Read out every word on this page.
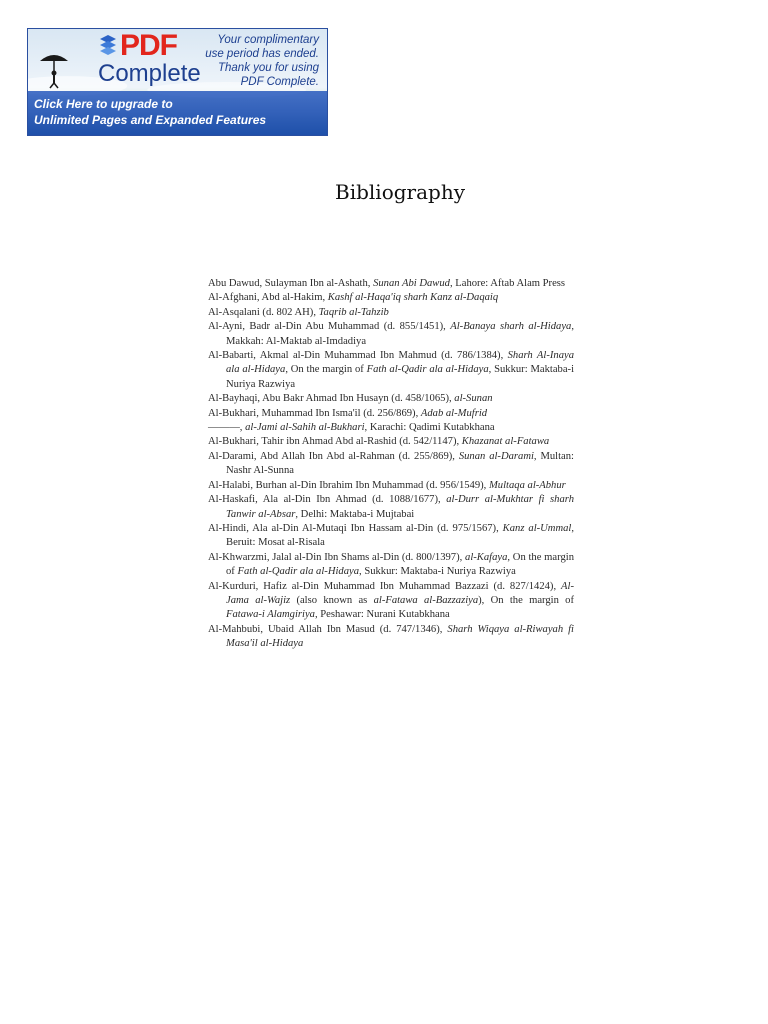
PDF
Complete
Your complimentary
use period has ended.
Thank you for using
PDF Complete.
Click Here to upgrade to
Unlimited Pages and Expanded Features
Bibliography
Abu Dawud, Sulayman Ibn al-Ashath, Sunan Abi Dawud, Lahore: Aftab Alam Press
Al-Afghani, Abd al-Hakim, Kashf al-Haqa'iq sharh Kanz al-Daqaiq
Al-Asqalani (d. 802 AH), Taqrib al-Tahzib
Al-Ayni, Badr al-Din Abu Muhammad (d. 855/1451), Al-Banaya sharh al-Hidaya, Makkah: Al-Maktab al-Imdadiya
Al-Babarti, Akmal al-Din Muhammad Ibn Mahmud (d. 786/1384), Sharh Al-Inaya ala al-Hidaya, On the margin of Fath al-Qadir ala al-Hidaya, Sukkur: Maktaba-i Nuriya Razwiya
Al-Bayhaqi, Abu Bakr Ahmad Ibn Husayn (d. 458/1065), al-Sunan
Al-Bukhari, Muhammad Ibn Isma'il (d. 256/869), Adab al-Mufrid
———, al-Jami al-Sahih al-Bukhari, Karachi: Qadimi Kutabkhana
Al-Bukhari, Tahir ibn Ahmad Abd al-Rashid (d. 542/1147), Khazanat al-Fatawa
Al-Darami, Abd Allah Ibn Abd al-Rahman (d. 255/869), Sunan al-Darami, Multan: Nashr Al-Sunna
Al-Halabi, Burhan al-Din Ibrahim Ibn Muhammad (d. 956/1549), Multaqa al-Abhur
Al-Haskafi, Ala al-Din Ibn Ahmad (d. 1088/1677), al-Durr al-Mukhtar fi sharh Tanwir al-Absar, Delhi: Maktaba-i Mujtabai
Al-Hindi, Ala al-Din Al-Mutaqi Ibn Hassam al-Din (d. 975/1567), Kanz al-Ummal, Beruit: Mosat al-Risala
Al-Khwarzmi, Jalal al-Din Ibn Shams al-Din (d. 800/1397), al-Kafaya, On the margin of Fath al-Qadir ala al-Hidaya, Sukkur: Maktaba-i Nuriya Razwiya
Al-Kurduri, Hafiz al-Din Muhammad Ibn Muhammad Bazzazi (d. 827/1424), Al-Jama al-Wajiz (also known as al-Fatawa al-Bazzaziya), On the margin of Fatawa-i Alamgiriya, Peshawar: Nurani Kutabkhana
Al-Mahbubi, Ubaid Allah Ibn Masud (d. 747/1346), Sharh Wiqaya al-Riwayah fi Masa'il al-Hidaya
